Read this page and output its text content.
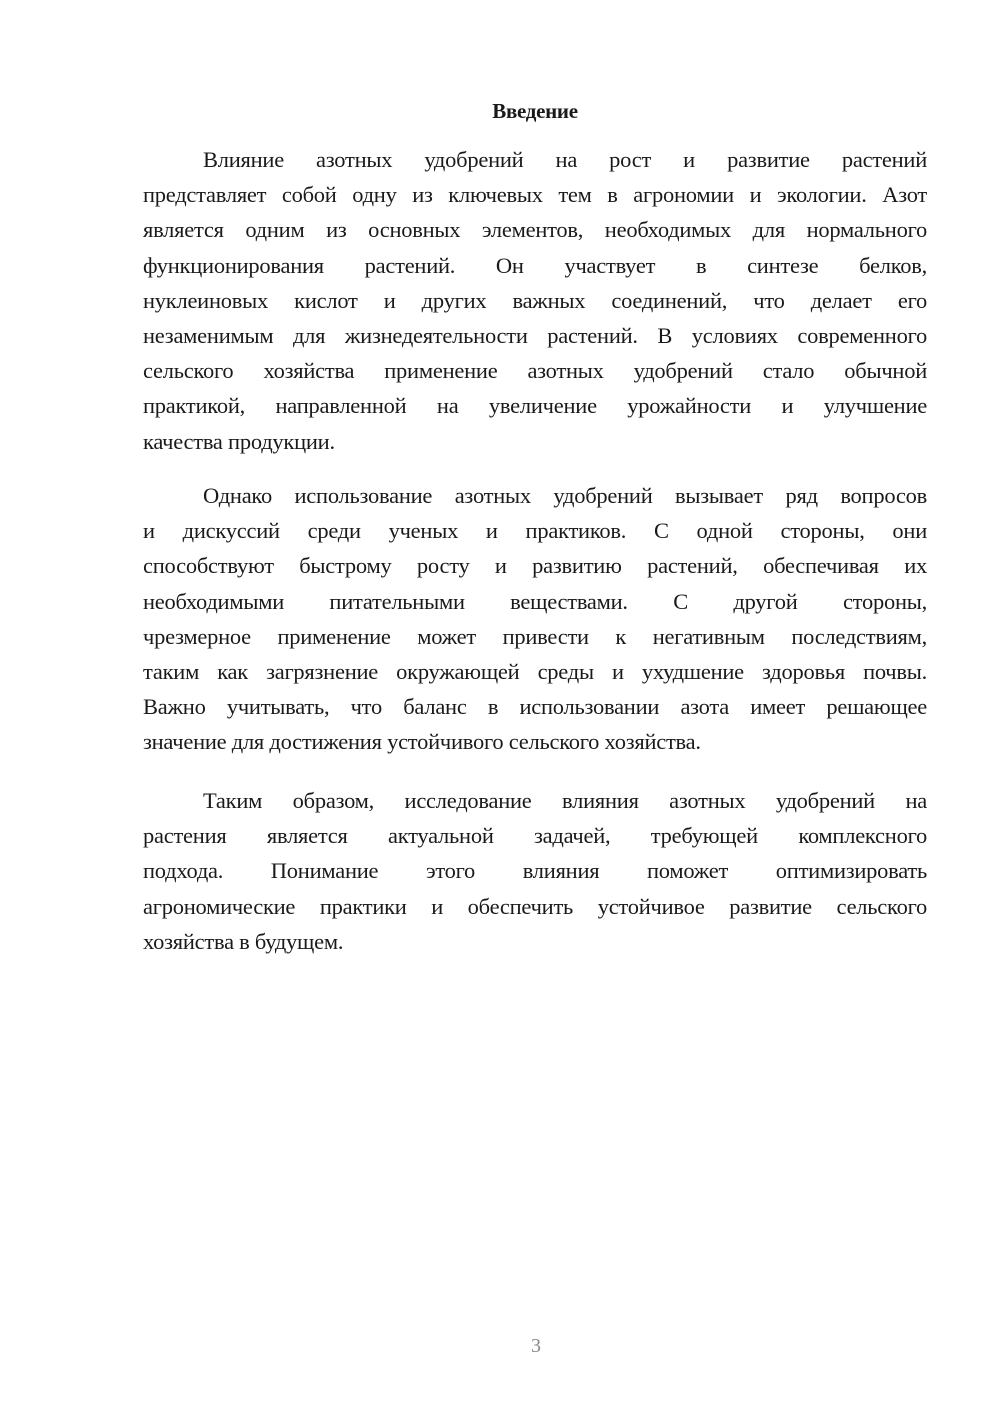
Введение
Влияние азотных удобрений на рост и развитие растений
представляет собой одну из ключевых тем в агрономии и экологии. Азот
является одним из основных элементов, необходимых для нормального
функционирования растений. Он участвует в синтезе белков,
нуклеиновых кислот и других важных соединений, что делает его
незаменимым для жизнедеятельности растений. В условиях современного
сельского хозяйства применение азотных удобрений стало обычной
практикой, направленной на увеличение урожайности и улучшение
качества продукции.
Однако использование азотных удобрений вызывает ряд вопросов
и дискуссий среди ученых и практиков. С одной стороны, они
способствуют быстрому росту и развитию растений, обеспечивая их
необходимыми питательными веществами. С другой стороны,
чрезмерное применение может привести к негативным последствиям,
таким как загрязнение окружающей среды и ухудшение здоровья почвы.
Важно учитывать, что баланс в использовании азота имеет решающее
значение для достижения устойчивого сельского хозяйства.
Таким образом, исследование влияния азотных удобрений на
растения является актуальной задачей, требующей комплексного
подхода. Понимание этого влияния поможет оптимизировать
агрономические практики и обеспечить устойчивое развитие сельского
хозяйства в будущем.
3
